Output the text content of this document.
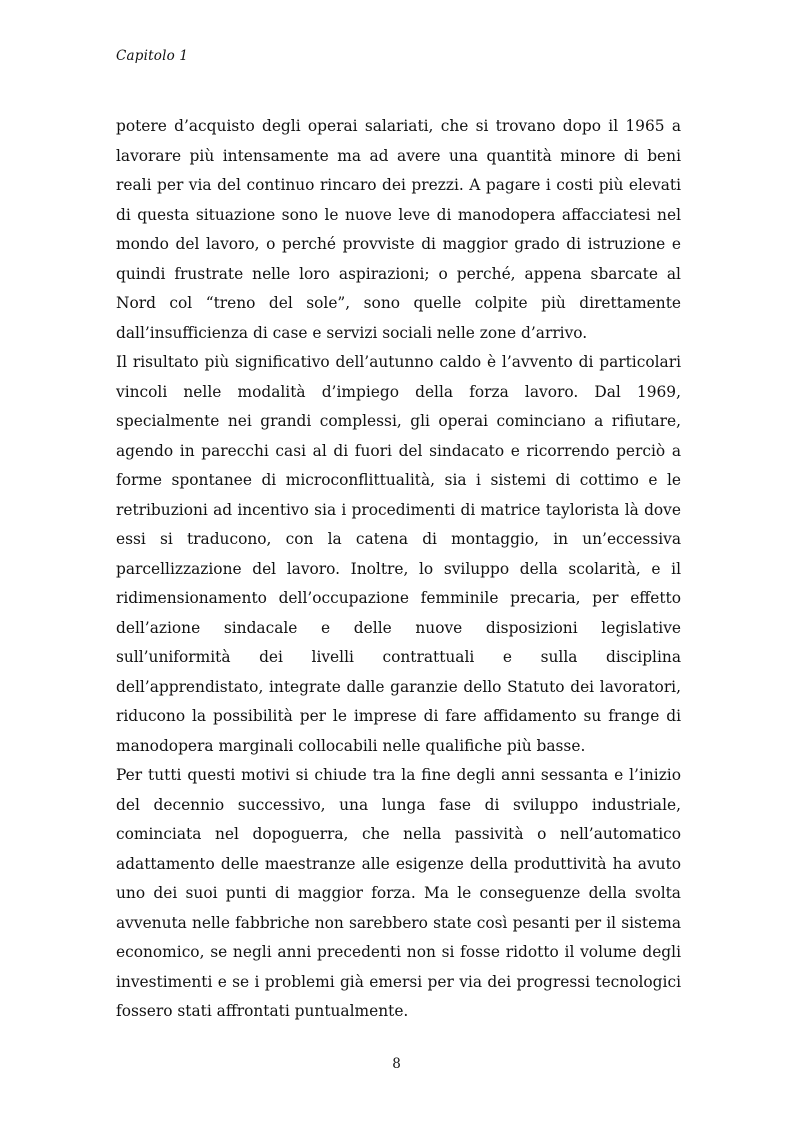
Capitolo 1

potere d’acquisto degli operai salariati, che si trovano dopo il 1965 a lavorare più intensamente ma ad avere una quantità minore di beni reali per via del continuo rincaro dei prezzi. A pagare i costi più elevati di questa situazione sono le nuove leve di manodopera affacciatesi nel mondo del lavoro, o perché provviste di maggior grado di istruzione e quindi frustrate nelle loro aspirazioni; o perché, appena sbarcate al Nord col “treno del sole”, sono quelle colpite più direttamente dall’insufficienza di case e servizi sociali nelle zone d’arrivo.

Il risultato più significativo dell’autunno caldo è l’avvento di particolari vincoli nelle modalità d’impiego della forza lavoro. Dal 1969, specialmente nei grandi complessi, gli operai cominciano a rifiutare, agendo in parecchi casi al di fuori del sindacato e ricorrendo perciò a forme spontanee di microconflittualità, sia i sistemi di cottimo e le retribuzioni ad incentivo sia i procedimenti di matrice taylorista là dove essi si traducono, con la catena di montaggio, in un’eccessiva parcellizzazione del lavoro. Inoltre, lo sviluppo della scolarità, e il ridimensionamento dell’occupazione femminile precaria, per effetto dell’azione sindacale e delle nuove disposizioni legislative sull’uniformità dei livelli contrattuali e sulla disciplina dell’apprendistato, integrate dalle garanzie dello Statuto dei lavoratori, riducono la possibilità per le imprese di fare affidamento su frange di manodopera marginali collocabili nelle qualifiche più basse.

Per tutti questi motivi si chiude tra la fine degli anni sessanta e l’inizio del decennio successivo, una lunga fase di sviluppo industriale, cominciata nel dopoguerra, che nella passività o nell’automatico adattamento delle maestranze alle esigenze della produttività ha avuto uno dei suoi punti di maggior forza. Ma le conseguenze della svolta avvenuta nelle fabbriche non sarebbero state così pesanti per il sistema economico, se negli anni precedenti non si fosse ridotto il volume degli investimenti e se i problemi già emersi per via dei progressi tecnologici fossero stati affrontati puntualmente.

8
